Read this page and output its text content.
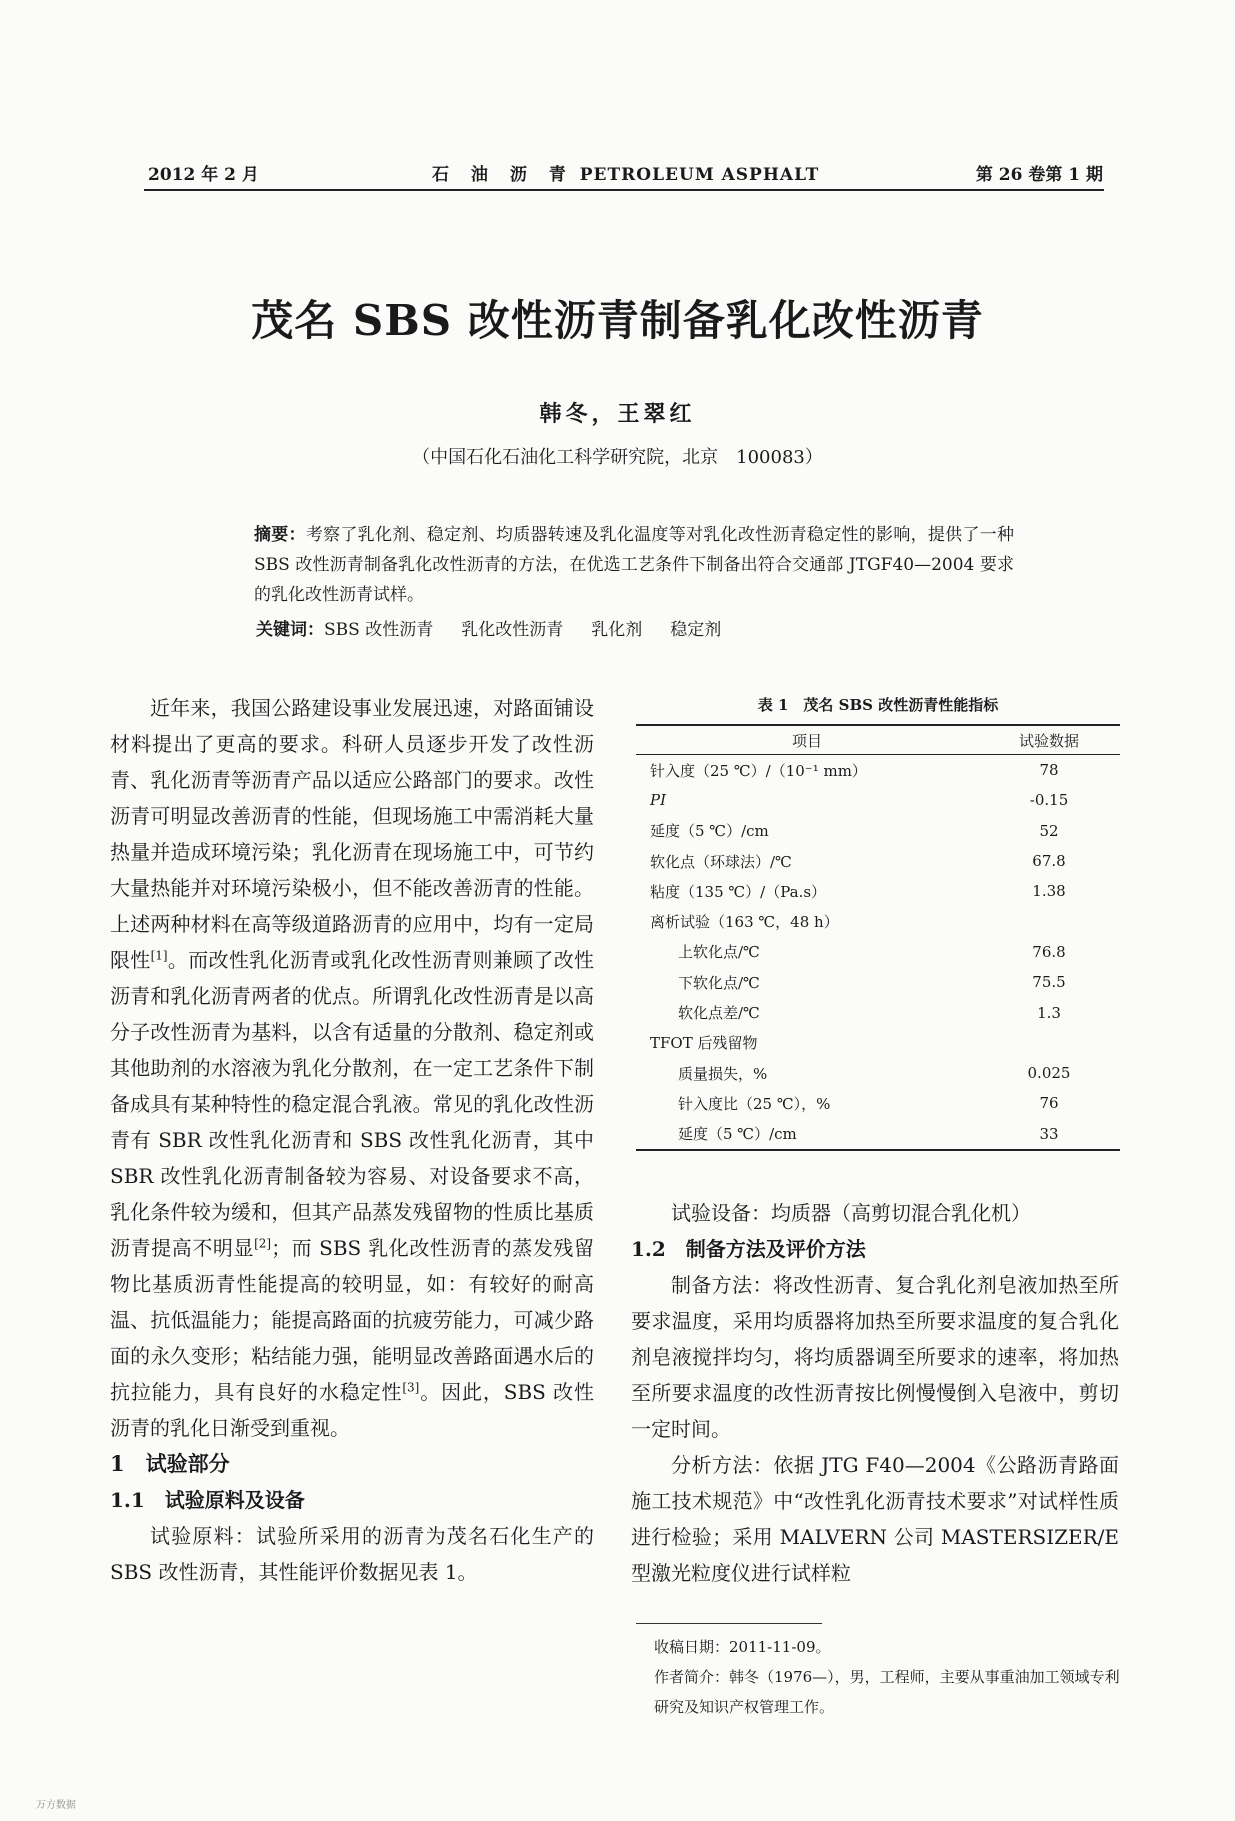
2012 年 2 月	石 油 沥 青 PETROLEUM ASPHALT	第 26 卷第 1 期
茂名 SBS 改性沥青制备乳化改性沥青
韩冬，王翠红
（中国石化石油化工科学研究院，北京　100083）
摘要：考察了乳化剂、稳定剂、均质器转速及乳化温度等对乳化改性沥青稳定性的影响，提供了一种 SBS 改性沥青制备乳化改性沥青的方法，在优选工艺条件下制备出符合交通部 JTGF40—2004 要求的乳化改性沥青试样。
关键词：SBS 改性沥青 乳化改性沥青 乳化剂 稳定剂

近年来，我国公路建设事业发展迅速，对路面铺设材料提出了更高的要求。科研人员逐步开发了改性沥青、乳化沥青等沥青产品以适应公路部门的要求。改性沥青可明显改善沥青的性能，但现场施工中需消耗大量热量并造成环境污染；乳化沥青在现场施工中，可节约大量热能并对环境污染极小，但不能改善沥青的性能。上述两种材料在高等级道路沥青的应用中，均有一定局限性[1]。而改性乳化沥青或乳化改性沥青则兼顾了改性沥青和乳化沥青两者的优点。所谓乳化改性沥青是以高分子改性沥青为基料，以含有适量的分散剂、稳定剂或其他助剂的水溶液为乳化分散剂，在一定工艺条件下制备成具有某种特性的稳定混合乳液。常见的乳化改性沥青有 SBR 改性乳化沥青和 SBS 改性乳化沥青，其中 SBR 改性乳化沥青制备较为容易、对设备要求不高，乳化条件较为缓和，但其产品蒸发残留物的性质比基质沥青提高不明显[2]；而 SBS 乳化改性沥青的蒸发残留物比基质沥青性能提高的较明显，如：有较好的耐高温、抗低温能力；能提高路面的抗疲劳能力，可减少路面的永久变形；粘结能力强，能明显改善路面遇水后的抗拉能力，具有良好的水稳定性[3]。因此，SBS 改性沥青的乳化日渐受到重视。

1　试验部分
1.1　试验原料及设备

试验原料：试验所采用的沥青为茂名石化生产的 SBS 改性沥青，其性能评价数据见表 1。

表 1　茂名 SBS 改性沥青性能指标
项目	试验数据
针入度（25 ℃）/（10⁻¹ mm）	78
PI	-0.15
延度（5 ℃）/cm	52
软化点（环球法）/℃	67.8
粘度（135 ℃）/（Pa.s）	1.38
离析试验（163 ℃，48 h）	
上软化点/℃	76.8
下软化点/℃	75.5
软化点差/℃	1.3
TFOT 后残留物	
质量损失，%	0.025
针入度比（25 ℃），%	76
延度（5 ℃）/cm	33

试验设备：均质器（高剪切混合乳化机）

1.2　制备方法及评价方法

制备方法：将改性沥青、复合乳化剂皂液加热至所要求温度，采用均质器将加热至所要求温度的复合乳化剂皂液搅拌均匀，将均质器调至所要求的速率，将加热至所要求温度的改性沥青按比例慢慢倒入皂液中，剪切一定时间。

分析方法：依据 JTG F40—2004《公路沥青路面施工技术规范》中“改性乳化沥青技术要求”对试样性质进行检验；采用 MALVERN 公司 MASTERSIZER/E 型激光粒度仪进行试样粒

收稿日期：2011-11-09。
作者简介：韩冬（1976—），男，工程师，主要从事重油加工领域专利研究及知识产权管理工作。
万方数据
